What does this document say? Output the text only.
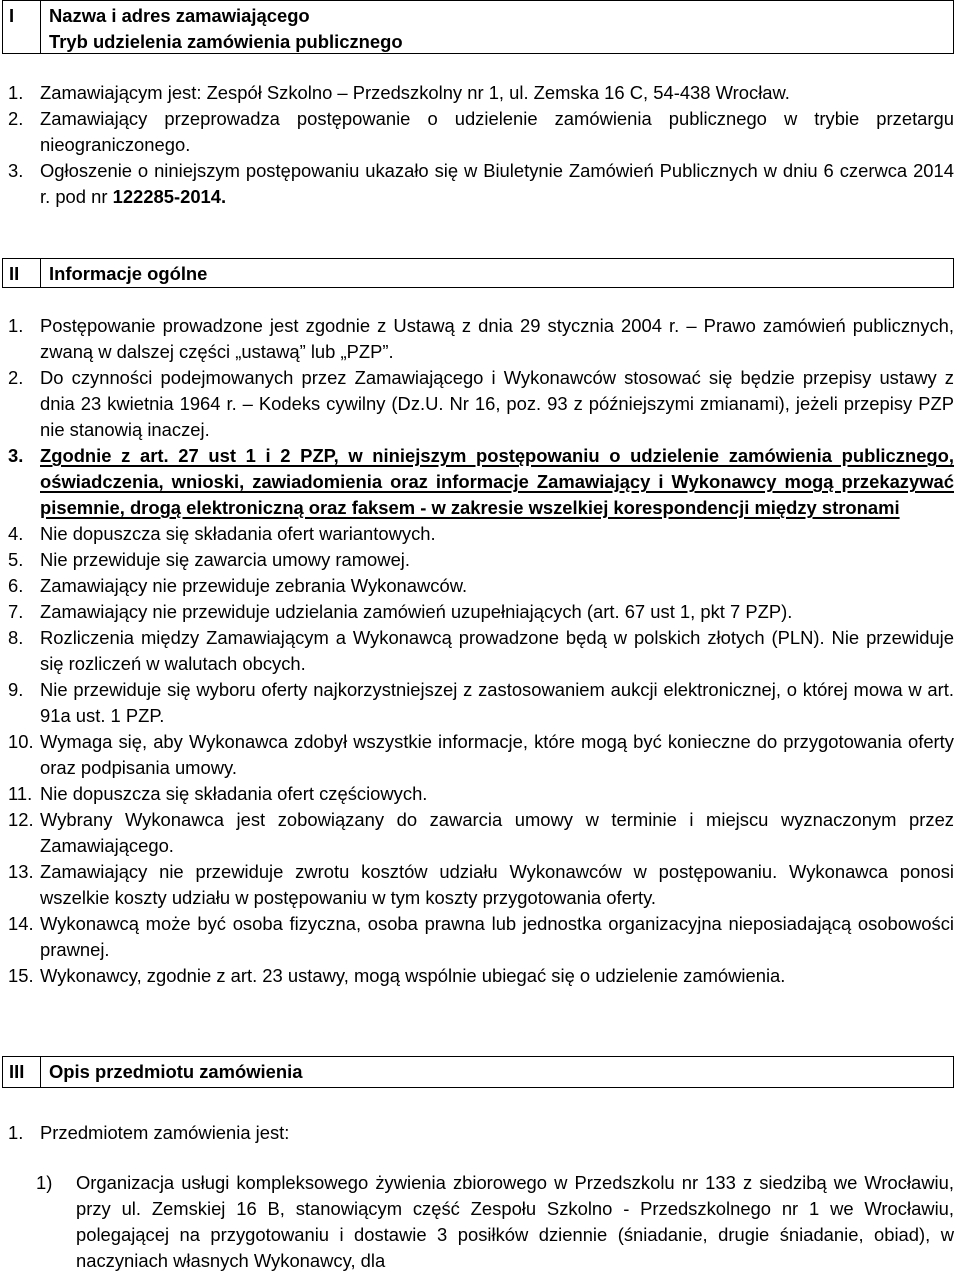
I	Nazwa i adres zamawiającego
Tryb udzielenia zamówienia publicznego
1. Zamawiającym jest: Zespół Szkolno – Przedszkolny nr 1, ul. Zemska 16 C, 54-438 Wrocław.
2. Zamawiający przeprowadza postępowanie o udzielenie zamówienia publicznego w trybie przetargu nieograniczonego.
3. Ogłoszenie o niniejszym postępowaniu ukazało się w Biuletynie Zamówień Publicznych w dniu 6 czerwca 2014 r. pod nr 122285-2014.
II	Informacje ogólne
1. Postępowanie prowadzone jest zgodnie z Ustawą z dnia 29 stycznia 2004 r. – Prawo zamówień publicznych, zwaną w dalszej części „ustawą” lub „PZP”.
2. Do czynności podejmowanych przez Zamawiającego i Wykonawców stosować się będzie przepisy ustawy z dnia 23 kwietnia 1964 r. – Kodeks cywilny (Dz.U. Nr 16, poz. 93 z późniejszymi zmianami), jeżeli przepisy PZP nie stanowią inaczej.
3. Zgodnie z art. 27 ust 1 i 2 PZP, w niniejszym postępowaniu o udzielenie zamówienia publicznego, oświadczenia, wnioski, zawiadomienia oraz informacje Zamawiający i Wykonawcy mogą przekazywać pisemnie, drogą elektroniczną oraz faksem - w zakresie wszelkiej korespondencji między stronami
4. Nie dopuszcza się składania ofert wariantowych.
5. Nie przewiduje się zawarcia umowy ramowej.
6. Zamawiający nie przewiduje zebrania Wykonawców.
7. Zamawiający nie przewiduje udzielania zamówień uzupełniających (art. 67 ust 1, pkt 7 PZP).
8. Rozliczenia między Zamawiającym a Wykonawcą prowadzone będą w polskich złotych (PLN). Nie przewiduje się rozliczeń w walutach obcych.
9. Nie przewiduje się wyboru oferty najkorzystniejszej z zastosowaniem aukcji elektronicznej, o której mowa w art. 91a ust. 1 PZP.
10. Wymaga się, aby Wykonawca zdobył wszystkie informacje, które mogą być konieczne do przygotowania oferty oraz podpisania umowy.
11. Nie dopuszcza się składania ofert częściowych.
12. Wybrany Wykonawca jest zobowiązany do zawarcia umowy w terminie i miejscu wyznaczonym przez Zamawiającego.
13. Zamawiający nie przewiduje zwrotu kosztów udziału Wykonawców w postępowaniu. Wykonawca ponosi wszelkie koszty udziału w postępowaniu w tym koszty przygotowania oferty.
14. Wykonawcą może być osoba fizyczna, osoba prawna lub jednostka organizacyjna nieposiadającą osobowości prawnej.
15. Wykonawcy, zgodnie z art. 23 ustawy, mogą wspólnie ubiegać się o udzielenie zamówienia.
III	Opis przedmiotu zamówienia
1. Przedmiotem zamówienia jest:
1)	Organizacja usługi kompleksowego żywienia zbiorowego w Przedszkolu nr 133 z siedzibą we Wrocławiu, przy ul. Zemskiej 16 B, stanowiącym część Zespołu Szkolno - Przedszkolnego nr 1 we Wrocławiu, polegającej na przygotowaniu i dostawie 3 posiłków dziennie (śniadanie, drugie śniadanie, obiad), w naczyniach własnych Wykonawcy, dla
